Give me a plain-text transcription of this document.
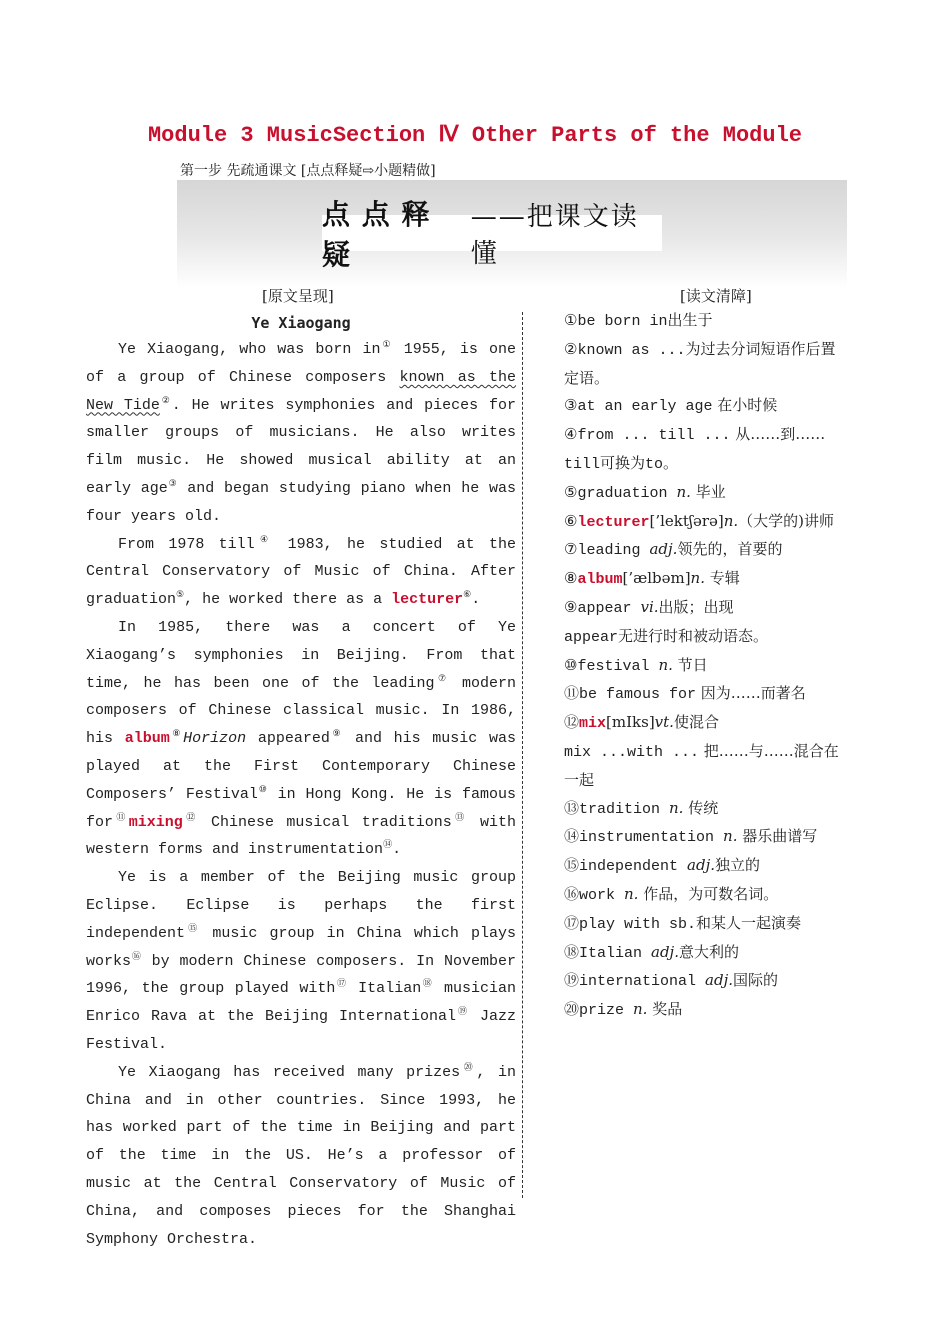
Module 3 MusicSection Ⅳ Other Parts of the Module
第一步 先疏通课文 [点点释疑⇨小题精做]
点 点 释 疑
——把课文读懂
[原文呈现]	[读文清障]
Ye Xiaogang

Ye Xiaogang, who was born in① 1955, is one of a group of Chinese composers known as the New Tide②. He writes symphonies and pieces for smaller groups of musicians. He also writes film music. He showed musical ability at an early age③ and began studying piano when he was four years old.

From 1978 till④ 1983, he studied at the Central Conservatory of Music of China. After graduation⑤, he worked there as a lecturer⑥.

In 1985, there was a concert of Ye Xiaogang’s symphonies in Beijing. From that time, he has been one of the leading⑦ modern composers of Chinese classical music. In 1986, his album⑧Horizon appeared⑨ and his music was played at the First Contemporary Chinese Composers’ Festival⑩ in Hong Kong. He is famous for⑪mixing⑫ Chinese musical traditions⑬ with western forms and instrumentation⑭.

Ye is a member of the Beijing music group Eclipse. Eclipse is perhaps the first independent⑮ music group in China which plays works⑯ by modern Chinese composers. In November 1996, the group played with⑰ Italian⑱ musician Enrico Rava at the Beijing International⑲ Jazz Festival.

Ye Xiaogang has received many prizes⑳, in China and in other countries. Since 1993, he has worked part of the time in Beijing and part of the time in the US. He’s a professor of music at the Central Conservatory of Music of China, and composes pieces for the Shanghai Symphony Orchestra.

①be born in出生于

②known as ...为过去分词短语作后置定语。

③at an early age 在小时候

④from ... till ... 从……到……

till可换为to。

⑤graduation n. 毕业

⑥lecturer[’lektʃərə]n.（大学的)讲师

⑦leading adj.领先的，首要的

⑧album[’ælbəm]n. 专辑

⑨appear vi.出版；出现

appear无进行时和被动语态。

⑩festival n. 节日

⑪be famous for 因为……而著名

⑫mix[mIks]vt.使混合

mix ...with ... 把……与……混合在一起

⑬tradition n. 传统

⑭instrumentation n. 器乐曲谱写

⑮independent adj.独立的

⑯work n. 作品，为可数名词。

⑰play with sb.和某人一起演奏

⑱Italian adj.意大利的

⑲international adj.国际的

⑳prize n. 奖品
